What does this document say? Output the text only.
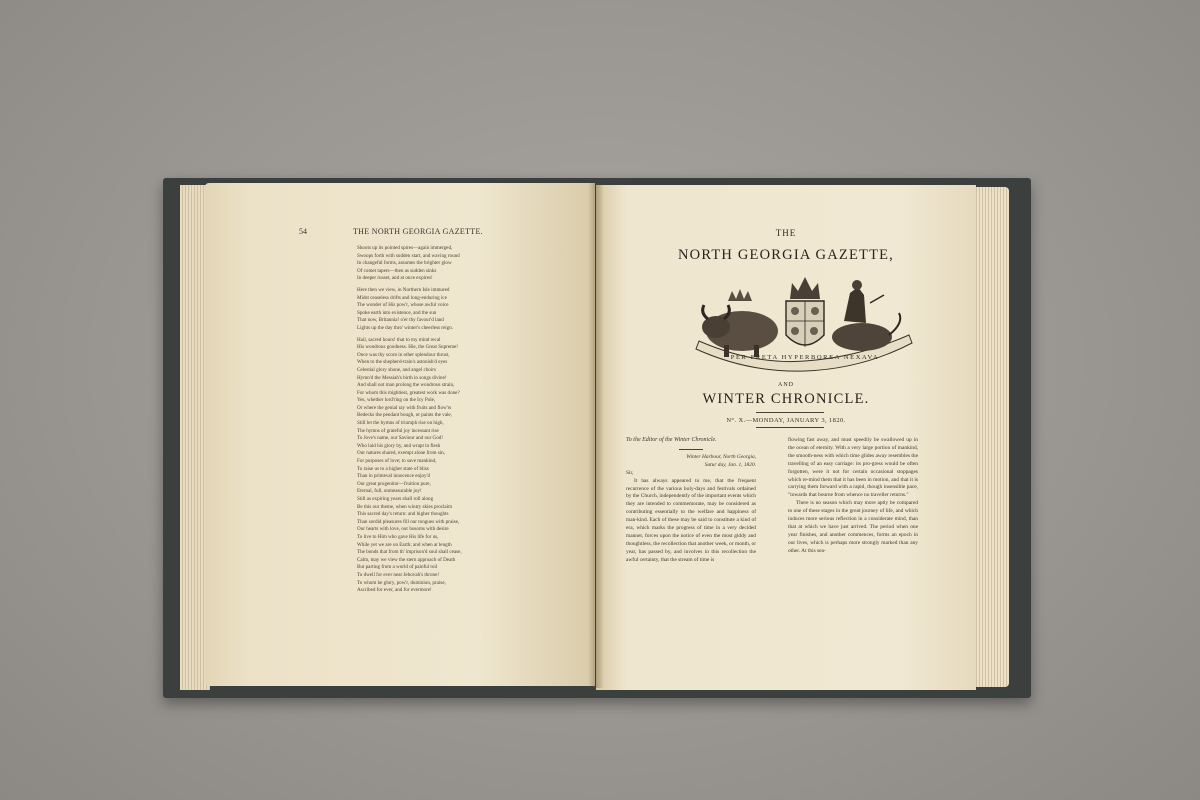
54	THE NORTH GEORGIA GAZETTE.
Shoots up its pointed spires—again immerged,
Swoops forth with sudden start, and waving round
In changeful forms, assumes the brighter glow
Of comet tapers—then as sudden sinks
In deeper russet, and at once expires!
Here then we view, in Northern Isle immured
Midst ceaseless drifts and long-enduring ice
The wonder of His pow'r, whose awful voice
Spoke earth into existence, and the sun
That now, Britannia! o'er thy favour'd land
Lights up the day thro' winter's cheerless reign.
Hail, sacred hours! that to my mind recal
His wondrous goodness. Hie, the Great Supreme!
Once was thy scorn in other splendour thrust,
When to the shepherd-train's astonish'd eyes
Celestial glory shone, and angel choirs
Hymn'd the Messiah's birth in songs divine!
And shall not man prolong the wondrous strain,
For whom this mightiest, greatest work was done?
Yes, whether lord'ring on the Icy Pole,
Or where the genial ray with fruits and flow'rs
Bedecks the pendant bough, or paints the vale,
Still let the hymns of triumph rise on high,
The hymns of grateful joy incessant rise
To Jove's name, our Saviour and our God!
Who laid his glory by, and wrapt in flesh
Our natures shared, exempt alone from sin,
For purposes of love; to save mankind,
To raise us to a higher state of bliss
Than in primeval innocence enjoy'd
Our great progenitor—fruition pure,
Eternal, full, unmeasurable joy!
Still as expiring years shall roll along
Be this our theme, when wintry skies proclaim
This sacred day's return: and higher thoughts
Than sordid pleasures fill our tongues with praise,
Our hearts with love, our bosoms with desire
To live to Him who gave His life for us,
While yet we are on Earth; and when at length
The bonds that from th' imprison'd soul shall cease,
Calm, may we view the stern approach of Death
But parting from a world of painful toil
To dwell for ever near Jehovah's throne!
To whom be glory, pow'r, dominion, praise,
Ascribed for ever, and for evermore!
THE
NORTH GEORGIA GAZETTE,
PER FRETA HYPERBOREA NEXAVA
AND
WINTER CHRONICLE.
N°. X.—MONDAY, JANUARY 3, 1820.

To the Editor of the Winter Chronicle.

Winter Harbour, North Georgia,

Satur day, Jan. 1, 1820.

Sir,

It has always appeared to me, that the frequent recurrence of the various holy-days and festivals ordained by the Church, independently of the important events which they are intended to commemorate, may be considered as contributing essentially to the welfare and happiness of man-kind. Each of these may be said to constitute a kind of era, which marks the progress of time in a very decided manner, forces upon the notice of even the most giddy and thoughtless, the recollection that another week, or month, or year, has passed by, and involves in this recollection the awful certainty, that the stream of time is

flowing fast away, and must speedily be swallowed up in the ocean of eternity. With a very large portion of mankind, the smooth-ness with which time glides away resembles the travelling of an easy carriage: its pro-gress would be often forgotten, were it not for certain occasional stoppages which re-mind them that it has been in motion, and that it is carrying them forward with a rapid, though insensible pace, "towards that bourne from whence no traveller returns."

There is no season which may more aptly be compared to one of these stages in the great journey of life, and which induces more serious reflection in a considerate mind, than that at which we have just arrived. The period when one year finishes, and another commences, forms an epoch in our lives, which is perhaps more strongly marked than any other. At this sea-
